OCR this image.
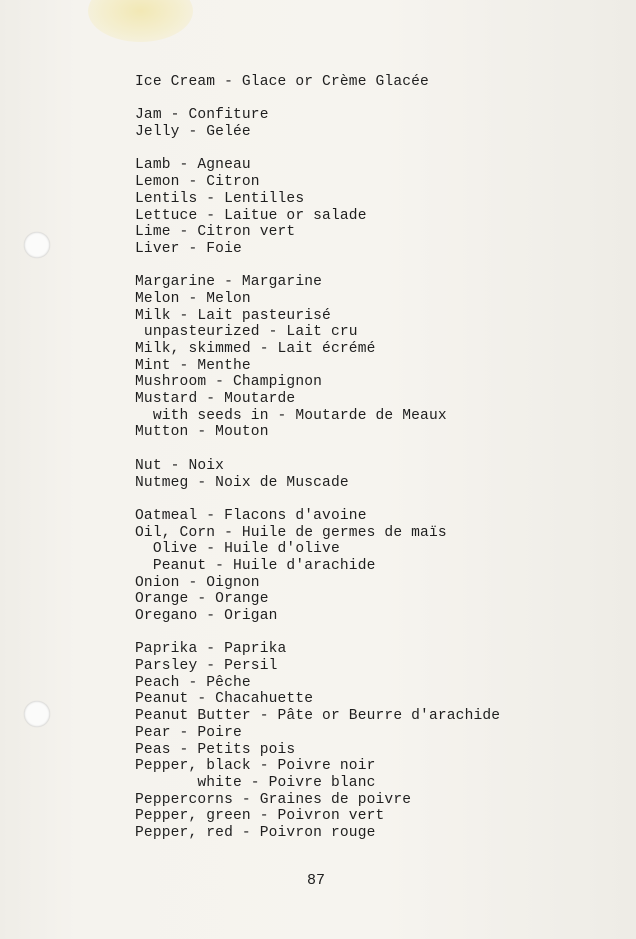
Ice Cream - Glace or Crème Glacée
Jam - Confiture
Jelly - Gelée
Lamb - Agneau
Lemon - Citron
Lentils - Lentilles
Lettuce - Laitue or salade
Lime - Citron vert
Liver - Foie
Margarine - Margarine
Melon - Melon
Milk - Lait pasteurisé
unpasteurized - Lait cru
Milk, skimmed - Lait écrémé
Mint - Menthe
Mushroom - Champignon
Mustard - Moutarde
with seeds in - Moutarde de Meaux
Mutton - Mouton
Nut - Noix
Nutmeg - Noix de Muscade
Oatmeal - Flacons d'avoine
Oil, Corn - Huile de germes de maïs
Olive - Huile d'olive
Peanut - Huile d'arachide
Onion - Oignon
Orange - Orange
Oregano - Origan
Paprika - Paprika
Parsley - Persil
Peach - Pêche
Peanut - Chacahuette
Peanut Butter - Pâte or Beurre d'arachide
Pear - Poire
Peas - Petits pois
Pepper, black - Poivre noir
white - Poivre blanc
Peppercorns - Graines de poivre
Pepper, green - Poivron vert
Pepper, red - Poivron rouge
87
